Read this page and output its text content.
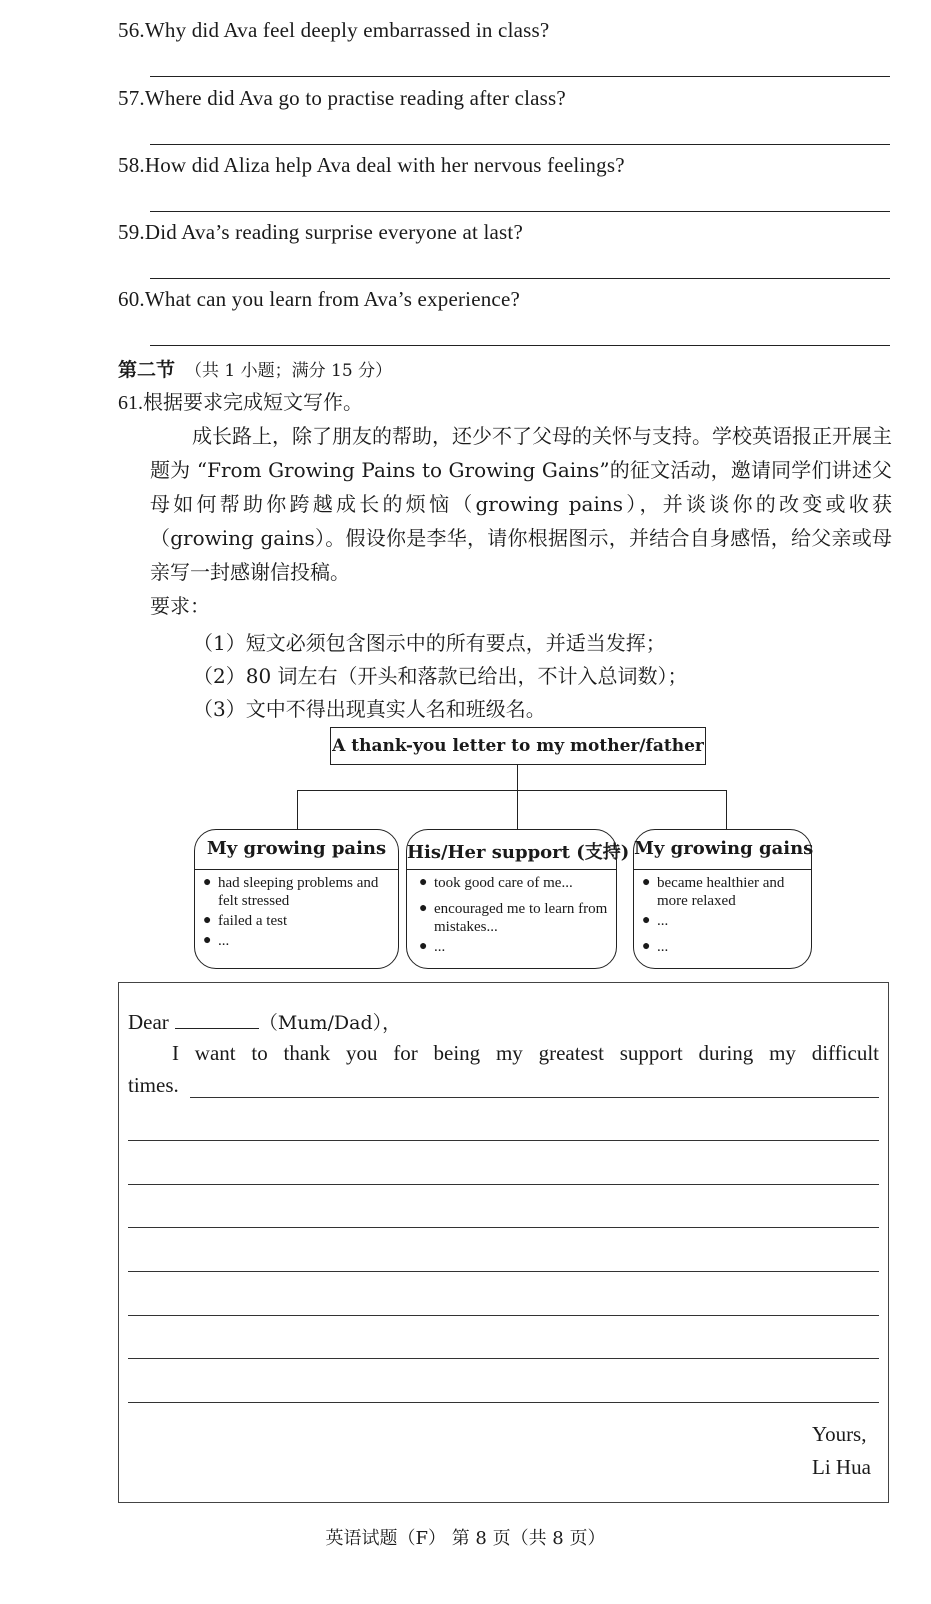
56.Why did Ava feel deeply embarrassed in class?
57.Where did Ava go to practise reading after class?
58.How did Aliza help Ava deal with her nervous feelings?
59.Did Ava’s reading surprise everyone at last?
60.What can you learn from Ava’s experience?
第二节 （共 1 小题；满分 15 分）
61.根据要求完成短文写作。
成长路上，除了朋友的帮助，还少不了父母的关怀与支持。学校英语报正开展主题为 “From Growing Pains to Growing Gains”的征文活动，邀请同学们讲述父母如何帮助你跨越成长的烦恼（growing pains），并谈谈你的改变或收获（growing gains）。假设你是李华，请你根据图示，并结合自身感悟，给父亲或母亲写一封感谢信投稿。
要求：
（1）短文必须包含图示中的所有要点，并适当发挥；
（2）80 词左右（开头和落款已给出，不计入总词数）；
（3）文中不得出现真实人名和班级名。
A thank-you letter to my mother/father
My growing pains
● had sleeping problems and felt stressed
● failed a test
● ...
His/Her support (支持)
● took good care of me...
● encouraged me to learn from mistakes...
● ...
My growing gains
● became healthier and more relaxed
● ...
● ...
Dear	（Mum/Dad），
I want to thank you for being my greatest support during my difficult
times.
Yours,
Li Hua
英语试题（F） 第 8 页（共 8 页）
